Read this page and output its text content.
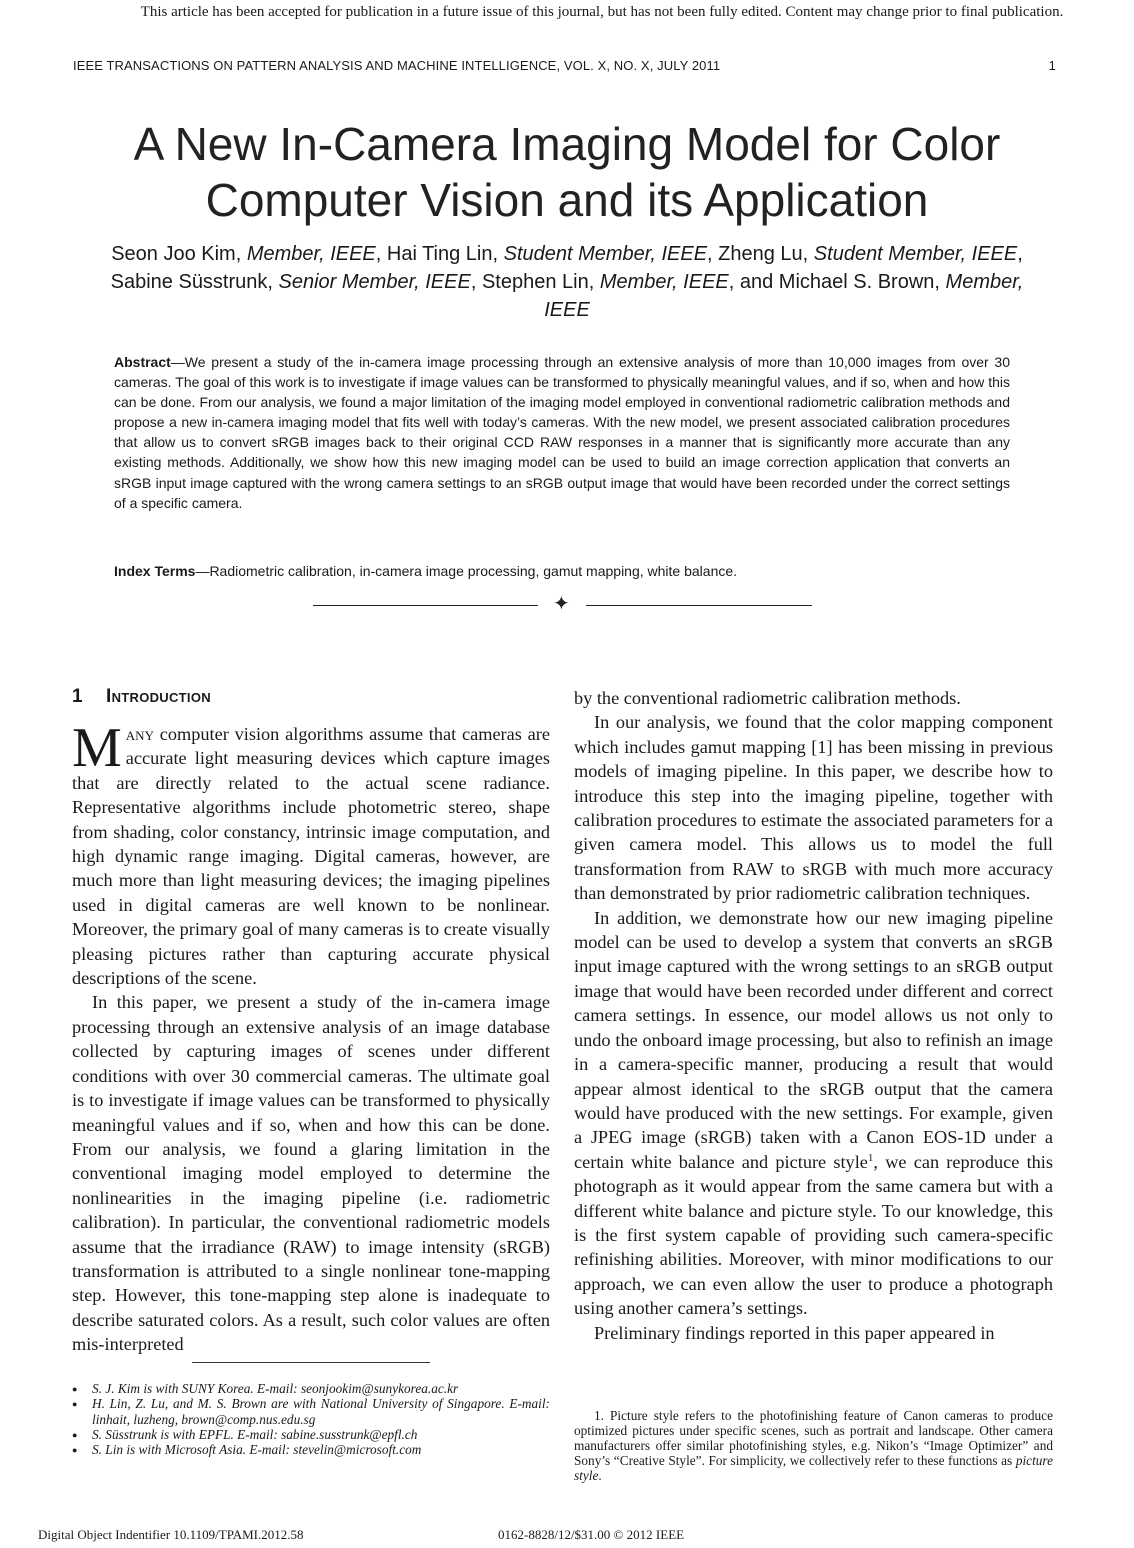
This article has been accepted for publication in a future issue of this journal, but has not been fully edited. Content may change prior to final publication.
IEEE TRANSACTIONS ON PATTERN ANALYSIS AND MACHINE INTELLIGENCE, VOL. X, NO. X, JULY 2011	1
A New In-Camera Imaging Model for Color
Computer Vision and its Application
Seon Joo Kim, Member, IEEE, Hai Ting Lin, Student Member, IEEE, Zheng Lu, Student Member, IEEE, Sabine Süsstrunk, Senior Member, IEEE, Stephen Lin, Member, IEEE, and Michael S. Brown, Member, IEEE
Abstract—We present a study of the in-camera image processing through an extensive analysis of more than 10,000 images from over 30 cameras. The goal of this work is to investigate if image values can be transformed to physically meaningful values, and if so, when and how this can be done. From our analysis, we found a major limitation of the imaging model employed in conventional radiometric calibration methods and propose a new in-camera imaging model that fits well with today’s cameras. With the new model, we present associated calibration procedures that allow us to convert sRGB images back to their original CCD RAW responses in a manner that is significantly more accurate than any existing methods. Additionally, we show how this new imaging model can be used to build an image correction application that converts an sRGB input image captured with the wrong camera settings to an sRGB output image that would have been recorded under the correct settings of a specific camera.
Index Terms—Radiometric calibration, in-camera image processing, gamut mapping, white balance.
✦
1 Introduction

Many computer vision algorithms assume that cameras are accurate light measuring devices which capture images that are directly related to the actual scene radiance. Representative algorithms include photometric stereo, shape from shading, color constancy, intrinsic image computation, and high dynamic range imaging. Digital cameras, however, are much more than light measuring devices; the imaging pipelines used in digital cameras are well known to be nonlinear. Moreover, the primary goal of many cameras is to create visually pleasing pictures rather than capturing accurate physical descriptions of the scene.

In this paper, we present a study of the in-camera image processing through an extensive analysis of an image database collected by capturing images of scenes under different conditions with over 30 commercial cameras. The ultimate goal is to investigate if image values can be transformed to physically meaningful values and if so, when and how this can be done. From our analysis, we found a glaring limitation in the conventional imaging model employed to determine the nonlinearities in the imaging pipeline (i.e. radiometric calibration). In particular, the conventional radiometric models assume that the irradiance (RAW) to image intensity (sRGB) transformation is attributed to a single nonlinear tone-mapping step. However, this tone-mapping step alone is inadequate to describe saturated colors. As a result, such color values are often mis-interpreted

by the conventional radiometric calibration methods.

In our analysis, we found that the color mapping component which includes gamut mapping [1] has been missing in previous models of imaging pipeline. In this paper, we describe how to introduce this step into the imaging pipeline, together with calibration procedures to estimate the associated parameters for a given camera model. This allows us to model the full transformation from RAW to sRGB with much more accuracy than demonstrated by prior radiometric calibration techniques.

In addition, we demonstrate how our new imaging pipeline model can be used to develop a system that converts an sRGB input image captured with the wrong settings to an sRGB output image that would have been recorded under different and correct camera settings. In essence, our model allows us not only to undo the onboard image processing, but also to refinish an image in a camera-specific manner, producing a result that would appear almost identical to the sRGB output that the camera would have produced with the new settings. For example, given a JPEG image (sRGB) taken with a Canon EOS-1D under a certain white balance and picture style$^1$, we can reproduce this photograph as it would appear from the same camera but with a different white balance and picture style. To our knowledge, this is the first system capable of providing such camera-specific refinishing abilities. Moreover, with minor modifications to our approach, we can even allow the user to produce a photograph using another camera’s settings.

Preliminary findings reported in this paper appeared in

● S. J. Kim is with SUNY Korea. E-mail: seonjookim@sunykorea.ac.kr
● H. Lin, Z. Lu, and M. S. Brown are with National University of Singapore. E-mail: linhait, luzheng, brown@comp.nus.edu.sg
● S. Süsstrunk is with EPFL. E-mail: sabine.susstrunk@epfl.ch
● S. Lin is with Microsoft Asia. E-mail: stevelin@microsoft.com

1. Picture style refers to the photofinishing feature of Canon cameras to produce optimized pictures under specific scenes, such as portrait and landscape. Other camera manufacturers offer similar photofinishing styles, e.g. Nikon’s “Image Optimizer” and Sony’s “Creative Style”. For simplicity, we collectively refer to these functions as picture style.

Digital Object Indentifier 10.1109/TPAMI.2012.58	0162-8828/12/$31.00 © 2012 IEEE
